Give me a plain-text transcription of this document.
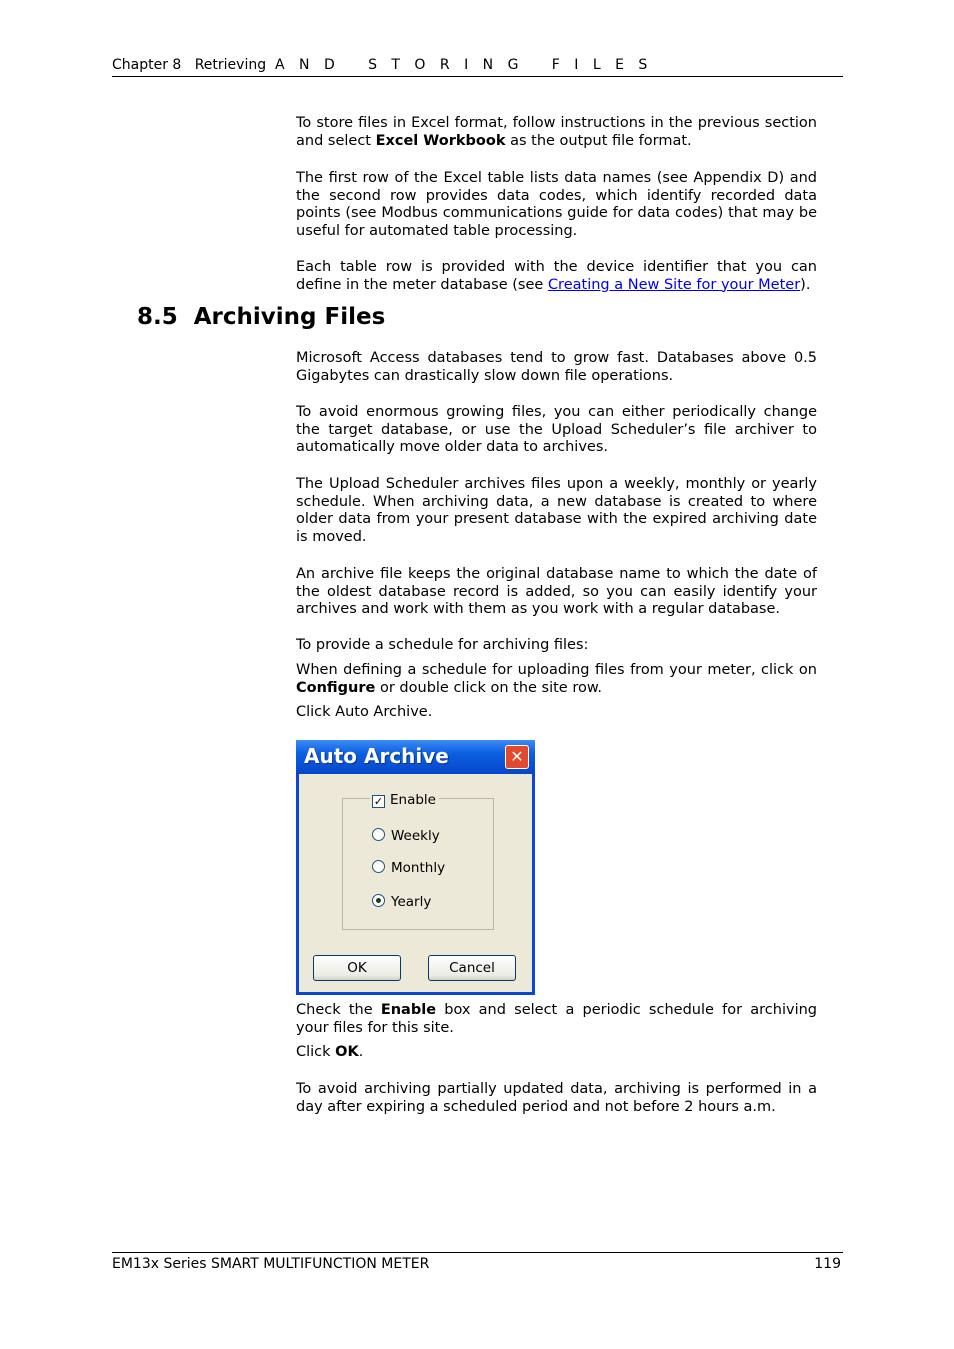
Chapter 8 Retrieving A N D   S T O R I N G   F I L E S

To store files in Excel format, follow instructions in the previous section and select Excel Workbook as the output file format.

The first row of the Excel table lists data names (see Appendix D) and the second row provides data codes, which identify recorded data points (see Modbus communications guide for data codes) that may be useful for automated table processing.

Each table row is provided with the device identifier that you can define in the meter database (see Creating a New Site for your Meter).

8.5  Archiving Files

Microsoft Access databases tend to grow fast. Databases above 0.5 Gigabytes can drastically slow down file operations.

To avoid enormous growing files, you can either periodically change the target database, or use the Upload Scheduler’s file archiver to automatically move older data to archives.

The Upload Scheduler archives files upon a weekly, monthly or yearly schedule. When archiving data, a new database is created to where older data from your present database with the expired archiving date is moved.

An archive file keeps the original database name to which the date of the oldest database record is added, so you can easily identify your archives and work with them as you work with a regular database.

To provide a schedule for archiving files:

When defining a schedule for uploading files from your meter, click on Configure or double click on the site row.

Click Auto Archive.

Auto Archive	✕
✓ Enable
Weekly
Monthly
Yearly
OK	Cancel

Check the Enable box and select a periodic schedule for archiving your files for this site.

Click OK.

To avoid archiving partially updated data, archiving is performed in a day after expiring a scheduled period and not before 2 hours a.m.

EM13x Series SMART MULTIFUNCTION METER	119
